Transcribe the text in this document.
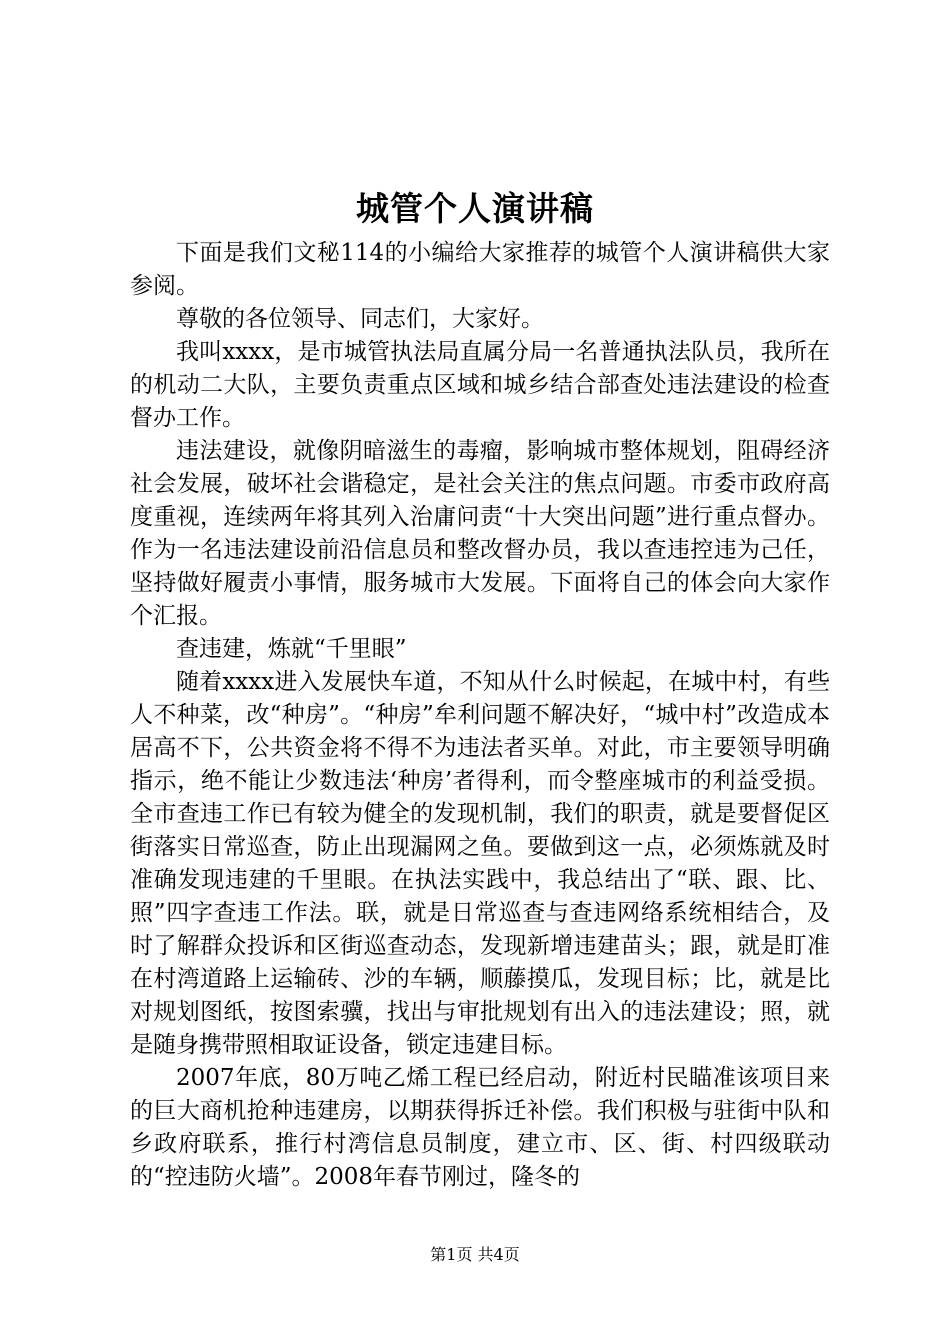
城管个人演讲稿

下面是我们文秘114的小编给大家推荐的城管个人演讲稿供大家参阅。

尊敬的各位领导、同志们，大家好。

我叫xxxx，是市城管执法局直属分局一名普通执法队员，我所在的机动二大队，主要负责重点区域和城乡结合部查处违法建设的检查督办工作。

违法建设，就像阴暗滋生的毒瘤，影响城市整体规划，阻碍经济社会发展，破坏社会谐稳定，是社会关注的焦点问题。市委市政府高度重视，连续两年将其列入治庸问责“十大突出问题”进行重点督办。作为一名违法建设前沿信息员和整改督办员，我以查违控违为己任，坚持做好履责小事情，服务城市大发展。下面将自己的体会向大家作个汇报。

查违建，炼就“千里眼”

随着xxxx进入发展快车道，不知从什么时候起，在城中村，有些人不种菜，改“种房”。“种房”牟利问题不解决好，“城中村”改造成本居高不下，公共资金将不得不为违法者买单。对此，市主要领导明确指示，绝不能让少数违法‘种房’者得利，而令整座城市的利益受损。全市查违工作已有较为健全的发现机制，我们的职责，就是要督促区街落实日常巡查，防止出现漏网之鱼。要做到这一点，必须炼就及时准确发现违建的千里眼。在执法实践中，我总结出了“联、跟、比、照”四字查违工作法。联，就是日常巡查与查违网络系统相结合，及时了解群众投诉和区街巡查动态，发现新增违建苗头；跟，就是盯准在村湾道路上运输砖、沙的车辆，顺藤摸瓜，发现目标；比，就是比对规划图纸，按图索骥，找出与审批规划有出入的违法建设；照，就是随身携带照相取证设备，锁定违建目标。

2007年底，80万吨乙烯工程已经启动，附近村民瞄准该项目来的巨大商机抢种违建房，以期获得拆迁补偿。我们积极与驻街中队和乡政府联系，推行村湾信息员制度，建立市、区、街、村四级联动的“控违防火墙”。2008年春节刚过，隆冬的

第1页 共4页
